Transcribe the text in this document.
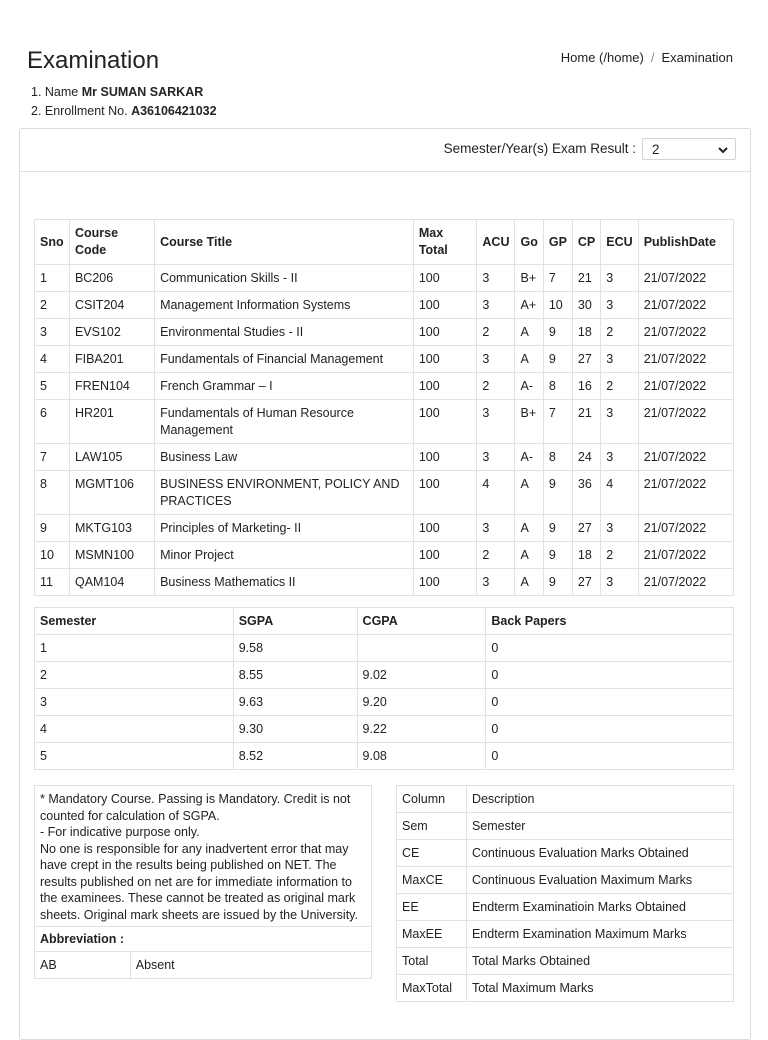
Examination	Home (/home) / Examination
1. Name Mr SUMAN SARKAR
2. Enrollment No. A36106421032
Semester/Year(s) Exam Result :	2
Sno	Course Code	Course Title	Max Total	ACU	Go	GP	CP	ECU	PublishDate
1	BC206	Communication Skills - II	100	3	B+	7	21	3	21/07/2022
2	CSIT204	Management Information Systems	100	3	A+	10	30	3	21/07/2022
3	EVS102	Environmental Studies - II	100	2	A	9	18	2	21/07/2022
4	FIBA201	Fundamentals of Financial Management	100	3	A	9	27	3	21/07/2022
5	FREN104	French Grammar – I	100	2	A-	8	16	2	21/07/2022
6	HR201	Fundamentals of Human Resource Management	100	3	B+	7	21	3	21/07/2022
7	LAW105	Business Law	100	3	A-	8	24	3	21/07/2022
8	MGMT106	BUSINESS ENVIRONMENT, POLICY AND PRACTICES	100	4	A	9	36	4	21/07/2022
9	MKTG103	Principles of Marketing- II	100	3	A	9	27	3	21/07/2022
10	MSMN100	Minor Project	100	2	A	9	18	2	21/07/2022
11	QAM104	Business Mathematics II	100	3	A	9	27	3	21/07/2022
Semester	SGPA	CGPA	Back Papers
1	9.58		0
2	8.55	9.02	0
3	9.63	9.20	0
4	9.30	9.22	0
5	8.52	9.08	0
* Mandatory Course. Passing is Mandatory. Credit is not counted for calculation of SGPA.
- For indicative purpose only.
No one is responsible for any inadvertent error that may have crept in the results being published on NET. The results published on net are for immediate information to the examinees. These cannot be treated as original mark sheets. Original mark sheets are issued by the University.
Abbreviation :
AB	Absent
Column	Description
Sem	Semester
CE	Continuous Evaluation Marks Obtained
MaxCE	Continuous Evaluation Maximum Marks
EE	Endterm Examinatioin Marks Obtained
MaxEE	Endterm Examination Maximum Marks
Total	Total Marks Obtained
MaxTotal	Total Maximum Marks
